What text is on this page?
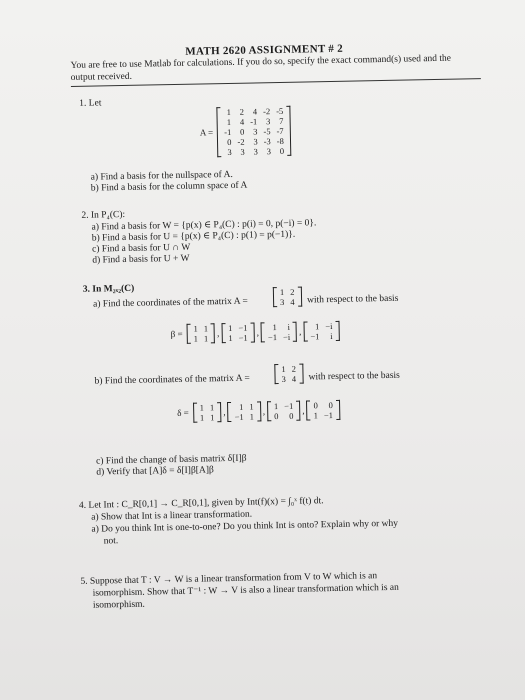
MATH 2620 ASSIGNMENT # 2
You are free to use Matlab for calculations. If you do so, specify the exact command(s) used and the output received.
1. Let
A =
1	2	4	-2	-5
1	4	-1	3	7
-1	0	3	-5	-7
0	-2	3	-3	-8
3	3	3	3	0
a) Find a basis for the nullspace of A.
b) Find a basis for the column space of A
2. In P₄(C):
a) Find a basis for W = {p(x) ∈ P₄(C) : p(i) = 0, p(−i) = 0}.
b) Find a basis for U = {p(x) ∈ P₄(C) : p(1) = p(−1)}.
c) Find a basis for U ∩ W
d) Find a basis for U + W
3. In M₂ₓ₂(C)
a) Find the coordinates of the matrix A =
1	2
3	4 with respect to the basis
β =
1	1
1	1
,
1	−1
1	−1
,
1	i
−1	−i
,
1	−i
−1	i
b) Find the coordinates of the matrix A =
1	2
3	4 with respect to the basis
δ =
1	1
1	1
,
1	1
−1	1
,
1	−1
0	0
,
0	0
1	−1
c) Find the change of basis matrix δ[I]β
d) Verify that [A]δ = δ[I]β[A]β
4. Let Int : C_R[0,1] → C_R[0,1], given by Int(f)(x) = ∫₀ˣ f(t) dt.
a) Show that Int is a linear transformation.
a) Do you think Int is one-to-one? Do you think Int is onto? Explain why or why
not.
5. Suppose that T : V → W is a linear transformation from V to W which is an
isomorphism. Show that T⁻¹ : W → V is also a linear transformation which is an
isomorphism.
